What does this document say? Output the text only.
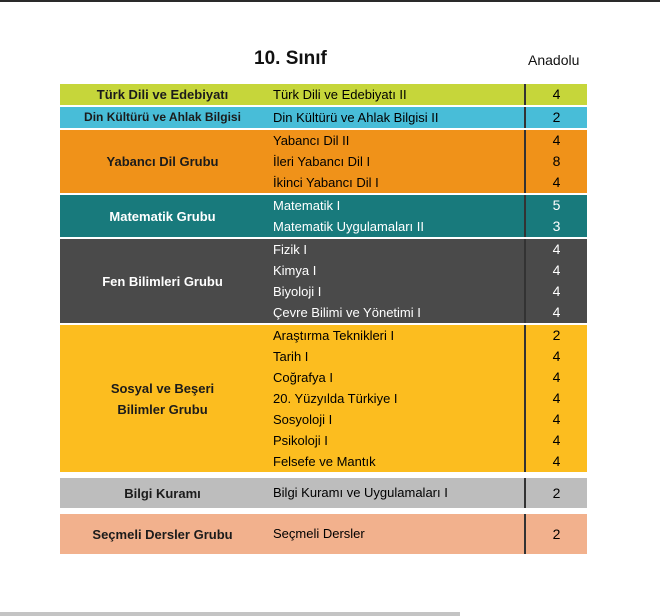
10. Sınıf	Anadolu
Türk Dili ve Edebiyatı	Türk Dili ve Edebiyatı II	4
Din Kültürü ve Ahlak Bilgisi	Din Kültürü ve Ahlak Bilgisi II	2
Yabancı Dil Grubu
Yabancı Dil II	4
İleri Yabancı Dil I	8
İkinci Yabancı Dil I	4
Matematik Grubu
Matematik I	5
Matematik Uygulamaları II	3
Fen Bilimleri Grubu
Fizik I	4
Kimya I	4
Biyoloji I	4
Çevre Bilimi ve Yönetimi I	4
Sosyal ve Beşeri Bilimler Grubu
Araştırma Teknikleri I	2
Tarih I	4
Coğrafya I	4
20. Yüzyılda Türkiye I	4
Sosyoloji I	4
Psikoloji I	4
Felsefe ve Mantık	4
Bilgi Kuramı	Bilgi Kuramı ve Uygulamaları I	2
Seçmeli Dersler Grubu	Seçmeli Dersler	2
